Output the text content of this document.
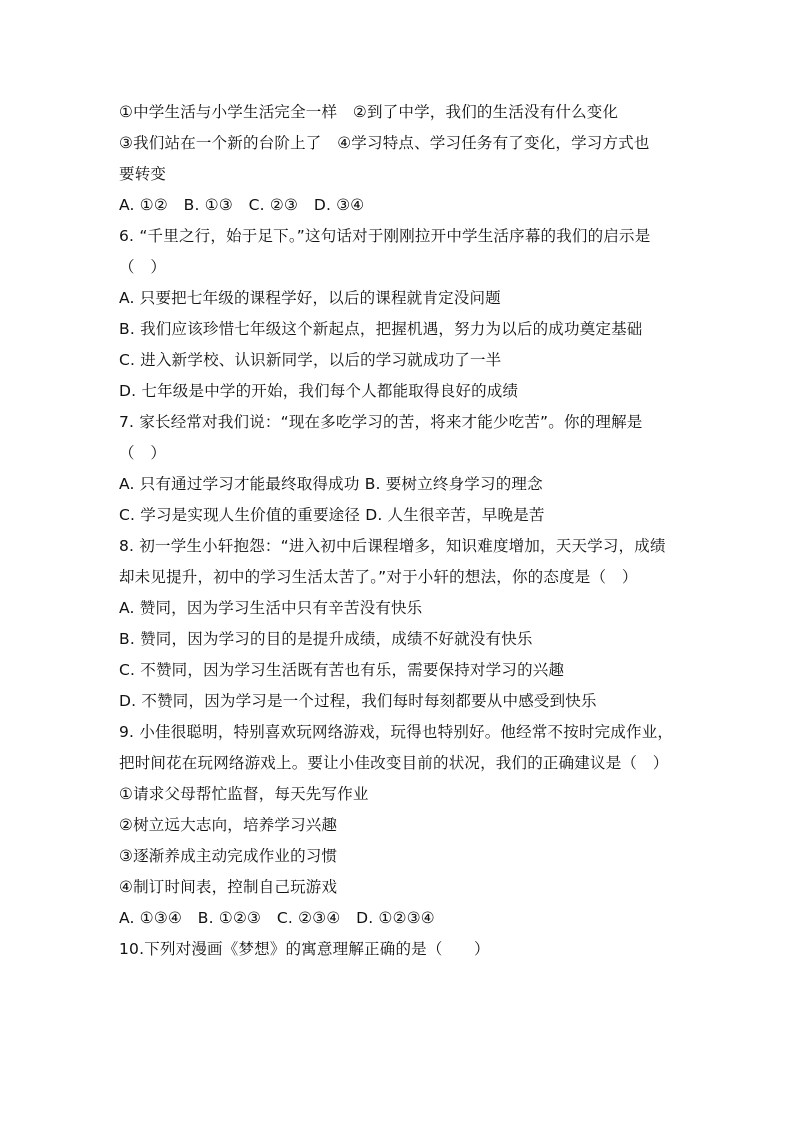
①中学生活与小学生活完全一样　②到了中学，我们的生活没有什么变化
③我们站在一个新的台阶上了　④学习特点、学习任务有了变化，学习方式也
要转变
A. ①②　B. ①③　C. ②③　D. ③④
6. “千里之行，始于足下。”这句话对于刚刚拉开中学生活序幕的我们的启示是
（　）
A. 只要把七年级的课程学好，以后的课程就肯定没问题
B. 我们应该珍惜七年级这个新起点，把握机遇，努力为以后的成功奠定基础
C. 进入新学校、认识新同学，以后的学习就成功了一半
D. 七年级是中学的开始，我们每个人都能取得良好的成绩
7. 家长经常对我们说：“现在多吃学习的苦，将来才能少吃苦”。你的理解是
（　）
A. 只有通过学习才能最终取得成功 B. 要树立终身学习的理念
C. 学习是实现人生价值的重要途径 D. 人生很辛苦，早晚是苦
8. 初一学生小轩抱怨：“进入初中后课程增多，知识难度增加，天天学习，成绩
却未见提升，初中的学习生活太苦了。”对于小轩的想法，你的态度是（　）
A. 赞同，因为学习生活中只有辛苦没有快乐
B. 赞同，因为学习的目的是提升成绩，成绩不好就没有快乐
C. 不赞同，因为学习生活既有苦也有乐，需要保持对学习的兴趣
D. 不赞同，因为学习是一个过程，我们每时每刻都要从中感受到快乐
9. 小佳很聪明，特别喜欢玩网络游戏，玩得也特别好。他经常不按时完成作业，
把时间花在玩网络游戏上。要让小佳改变目前的状况，我们的正确建议是（　）
①请求父母帮忙监督，每天先写作业
②树立远大志向，培养学习兴趣
③逐渐养成主动完成作业的习惯
④制订时间表，控制自己玩游戏
A. ①③④　B. ①②③　C. ②③④　D. ①②③④
10.下列对漫画《梦想》的寓意理解正确的是（　　）
